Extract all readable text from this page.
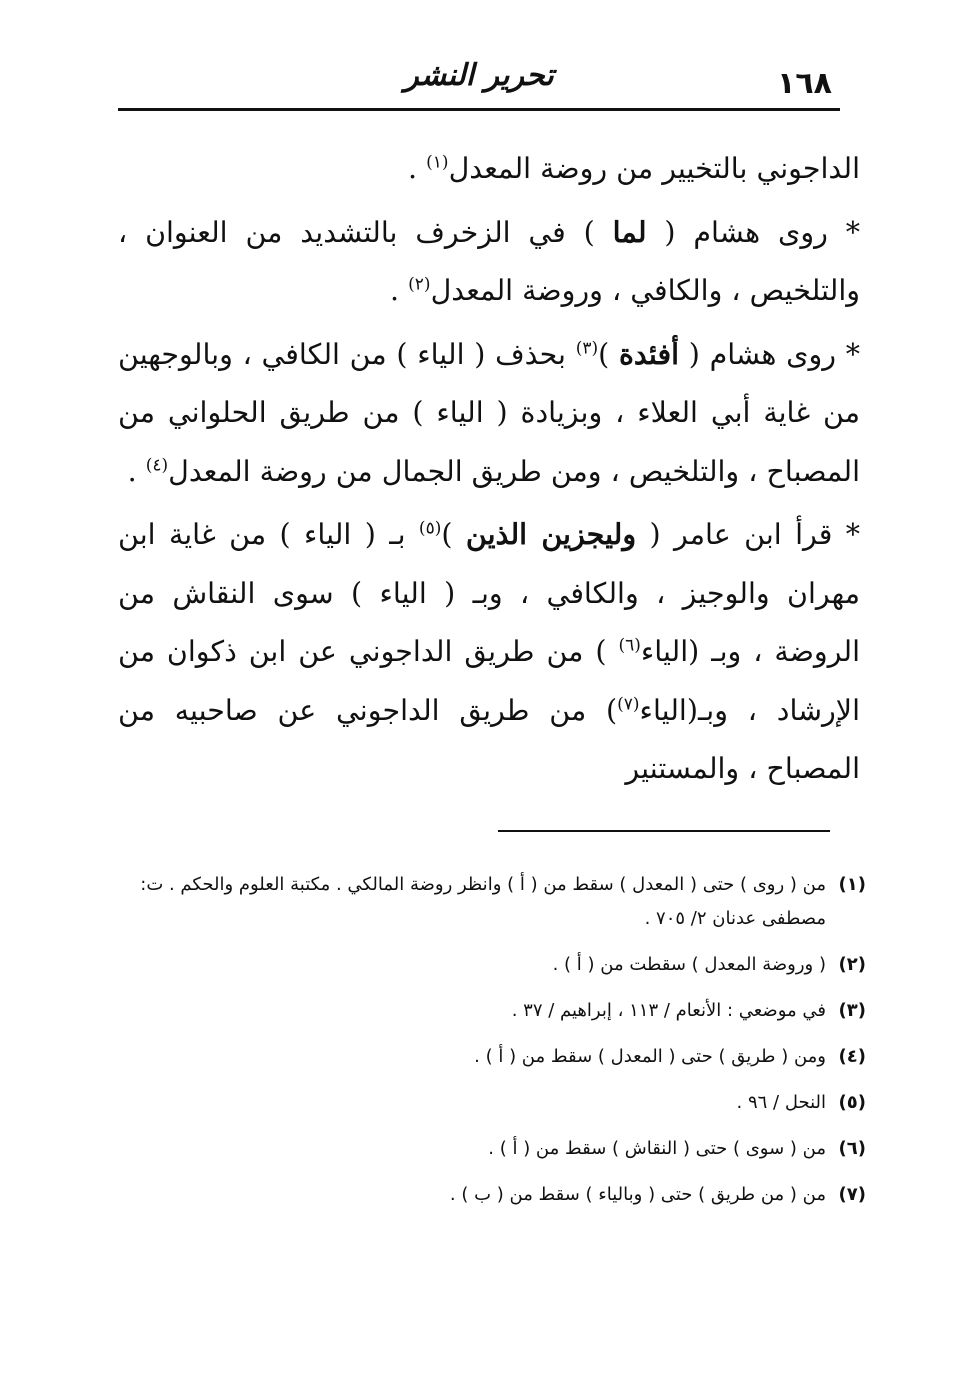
١٦٨
تحرير النشر

الداجوني بالتخيير من روضة المعدل$^{(١)}$ .

* روى هشام ( لما ) في الزخرف بالتشديد من العنوان ، والتلخيص ، والكافي ، وروضة المعدل$^{(٢)}$ .

* روى هشام ( أفئدة )$^{(٣)}$ بحذف ( الياء ) من الكافي ، وبالوجهين من غاية أبي العلاء ، وبزيادة ( الياء ) من طريق الحلواني من المصباح ، والتلخيص ، ومن طريق الجمال من روضة المعدل$^{(٤)}$ .

* قرأ ابن عامر ( وليجزين الذين )$^{(٥)}$ بـ ( الياء ) من غاية ابن مهران والوجيز ، والكافي ، وبـ ( الياء ) سوى النقاش من الروضة ، وبـ (الياء$^{(٦)}$ ) من طريق الداجوني عن ابن ذكوان من الإرشاد ، وبـ(الياء$^{(٧)}$) من طريق الداجوني عن صاحبيه من المصباح ، والمستنير

(١)
من ( روى ) حتى ( المعدل ) سقط من ( أ ) وانظر روضة المالكي . مكتبة العلوم والحكم . ت: مصطفى عدنان ٢/ ٧٠٥ .
(٢)
( وروضة المعدل ) سقطت من ( أ ) .
(٣)
في موضعي : الأنعام / ١١٣ ، إبراهيم / ٣٧ .
(٤)
ومن ( طريق ) حتى ( المعدل ) سقط من ( أ ) .
(٥)
النحل / ٩٦ .
(٦)
من ( سوى ) حتى ( النقاش ) سقط من ( أ ) .
(٧)
من ( من طريق ) حتى ( وبالياء ) سقط من ( ب ) .
